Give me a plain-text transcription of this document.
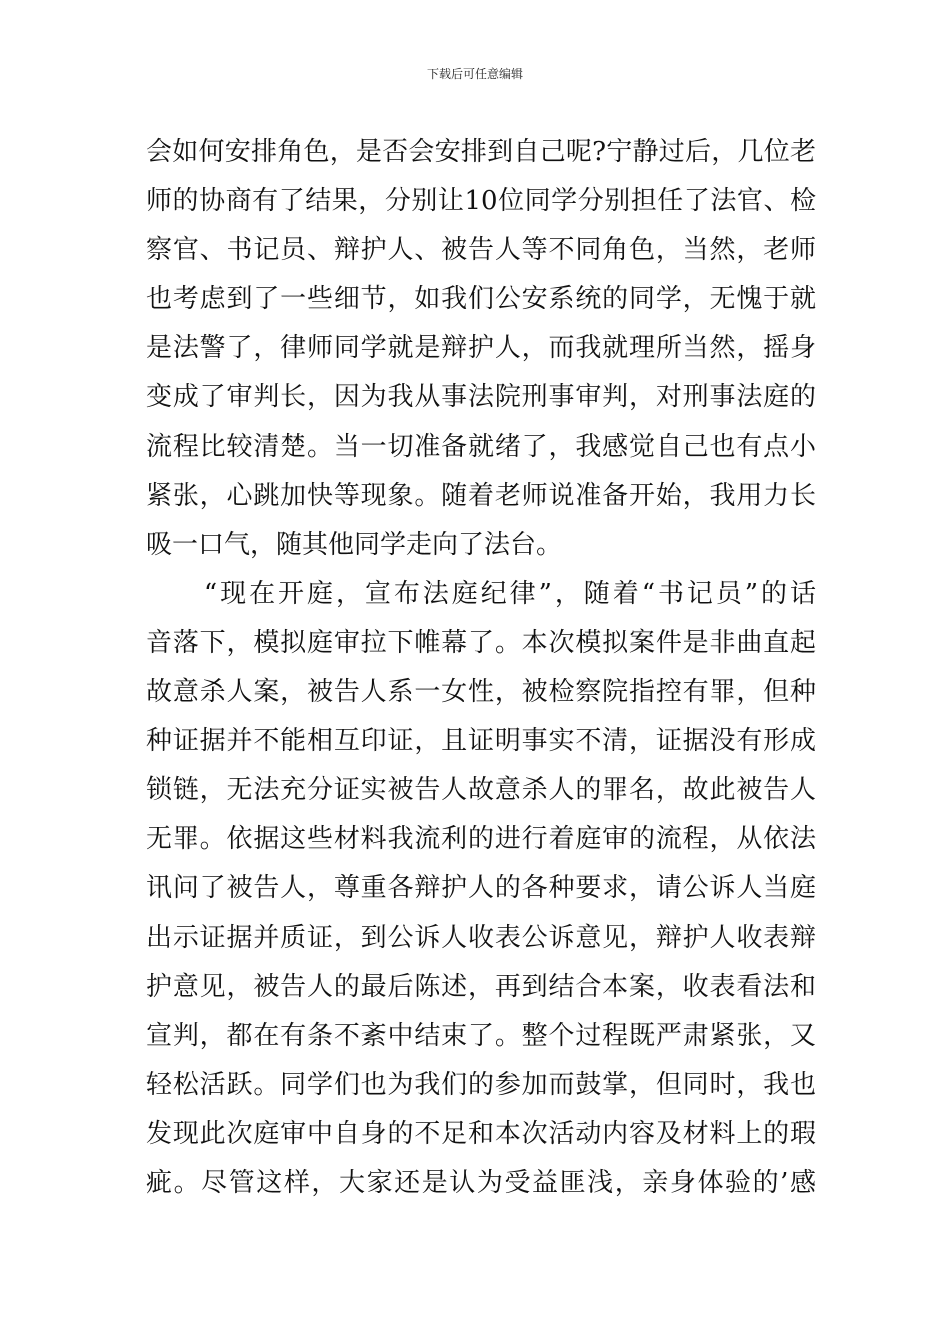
下载后可任意编辑
会如何安排角色，是否会安排到自己呢?宁静过后，几位老
师的协商有了结果，分别让10位同学分别担任了法官、检
察官、书记员、辩护人、被告人等不同角色，当然，老师
也考虑到了一些细节，如我们公安系统的同学，无愧于就
是法警了，律师同学就是辩护人，而我就理所当然，摇身
变成了审判长，因为我从事法院刑事审判，对刑事法庭的
流程比较清楚。当一切准备就绪了，我感觉自己也有点小
紧张，心跳加快等现象。随着老师说准备开始，我用力长
吸一口气，随其他同学走向了法台。
　　“现在开庭，宣布法庭纪律”，随着“书记员”的话
音落下，模拟庭审拉下帷幕了。本次模拟案件是非曲直起
故意杀人案，被告人系一女性，被检察院指控有罪，但种
种证据并不能相互印证，且证明事实不清，证据没有形成
锁链，无法充分证实被告人故意杀人的罪名，故此被告人
无罪。依据这些材料我流利的进行着庭审的流程，从依法
讯问了被告人，尊重各辩护人的各种要求，请公诉人当庭
出示证据并质证，到公诉人收表公诉意见，辩护人收表辩
护意见，被告人的最后陈述，再到结合本案，收表看法和
宣判，都在有条不紊中结束了。整个过程既严肃紧张，又
轻松活跃。同学们也为我们的参加而鼓掌，但同时，我也
发现此次庭审中自身的不足和本次活动内容及材料上的瑕
疵。尽管这样，大家还是认为受益匪浅，亲身体验的’感
